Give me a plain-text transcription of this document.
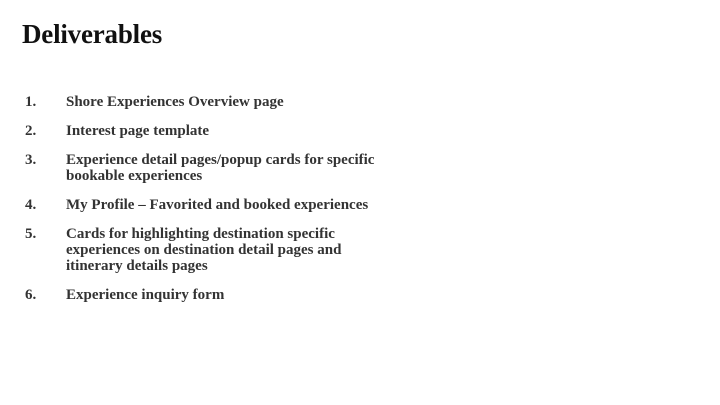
Deliverables
1.	Shore Experiences Overview page
2.	Interest page template
3.	Experience detail pages/popup cards for specific bookable experiences
4.	My Profile – Favorited and booked experiences
5.	Cards for highlighting destination specific experiences on destination detail pages and itinerary details pages
6.	Experience inquiry form
